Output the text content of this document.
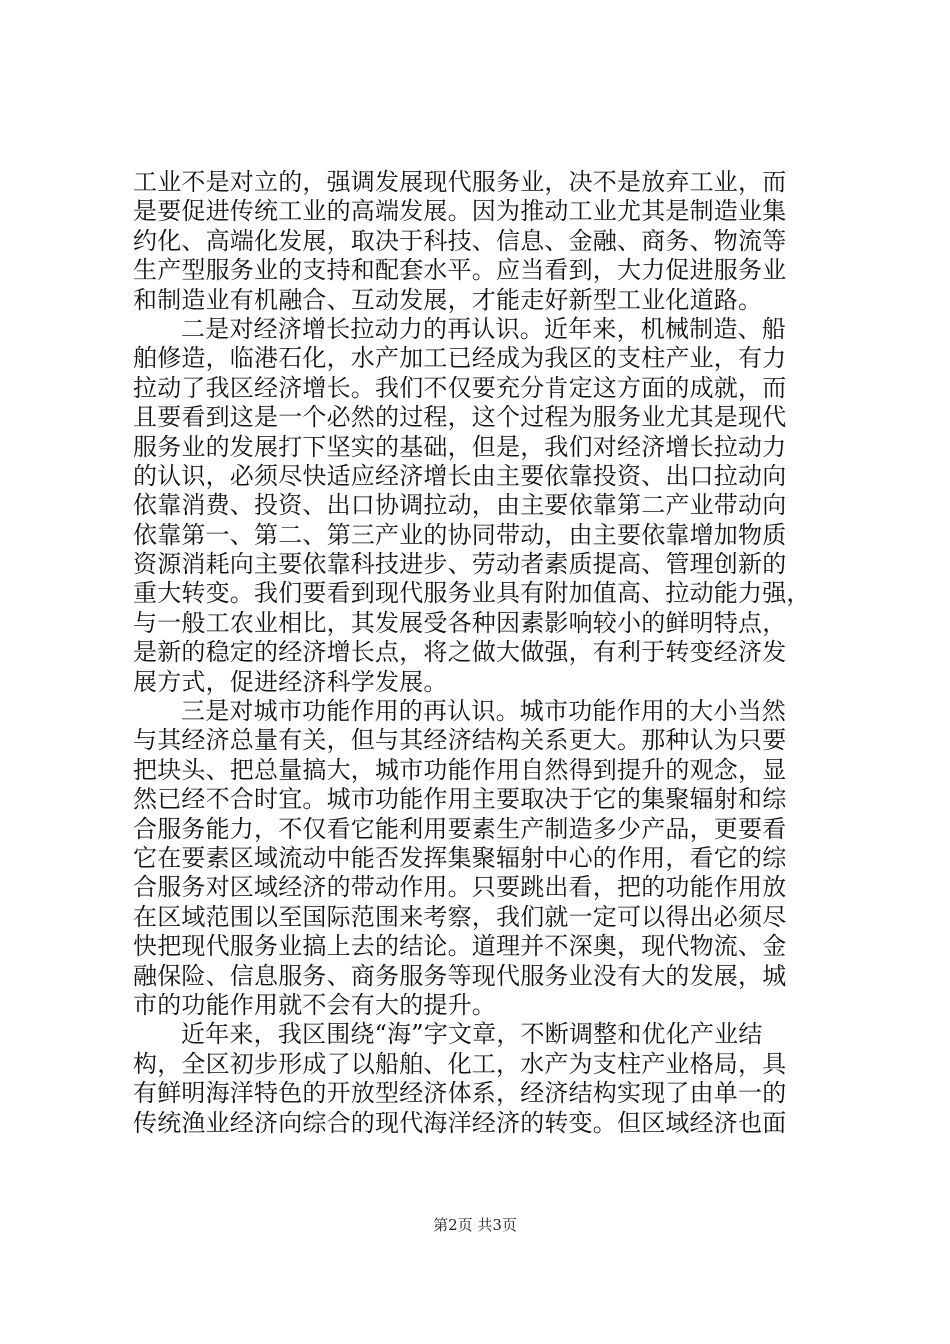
工业不是对立的，强调发展现代服务业，决不是放弃工业，而
是要促进传统工业的高端发展。因为推动工业尤其是制造业集
约化、高端化发展，取决于科技、信息、金融、商务、物流等
生产型服务业的支持和配套水平。应当看到，大力促进服务业
和制造业有机融合、互动发展，才能走好新型工业化道路。
二是对经济增长拉动力的再认识。近年来，机械制造、船
舶修造，临港石化，水产加工已经成为我区的支柱产业，有力
拉动了我区经济增长。我们不仅要充分肯定这方面的成就，而
且要看到这是一个必然的过程，这个过程为服务业尤其是现代
服务业的发展打下坚实的基础，但是，我们对经济增长拉动力
的认识，必须尽快适应经济增长由主要依靠投资、出口拉动向
依靠消费、投资、出口协调拉动，由主要依靠第二产业带动向
依靠第一、第二、第三产业的协同带动，由主要依靠增加物质
资源消耗向主要依靠科技进步、劳动者素质提高、管理创新的
重大转变。我们要看到现代服务业具有附加值高、拉动能力强，
与一般工农业相比，其发展受各种因素影响较小的鲜明特点，
是新的稳定的经济增长点，将之做大做强，有利于转变经济发
展方式，促进经济科学发展。
三是对城市功能作用的再认识。城市功能作用的大小当然
与其经济总量有关，但与其经济结构关系更大。那种认为只要
把块头、把总量搞大，城市功能作用自然得到提升的观念，显
然已经不合时宜。城市功能作用主要取决于它的集聚辐射和综
合服务能力，不仅看它能利用要素生产制造多少产品，更要看
它在要素区域流动中能否发挥集聚辐射中心的作用，看它的综
合服务对区域经济的带动作用。只要跳出看，把的功能作用放
在区域范围以至国际范围来考察，我们就一定可以得出必须尽
快把现代服务业搞上去的结论。道理并不深奥，现代物流、金
融保险、信息服务、商务服务等现代服务业没有大的发展，城
市的功能作用就不会有大的提升。
近年来，我区围绕“海”字文章，不断调整和优化产业结
构，全区初步形成了以船舶、化工，水产为支柱产业格局，具
有鲜明海洋特色的开放型经济体系，经济结构实现了由单一的
传统渔业经济向综合的现代海洋经济的转变。但区域经济也面
第2页 共3页
